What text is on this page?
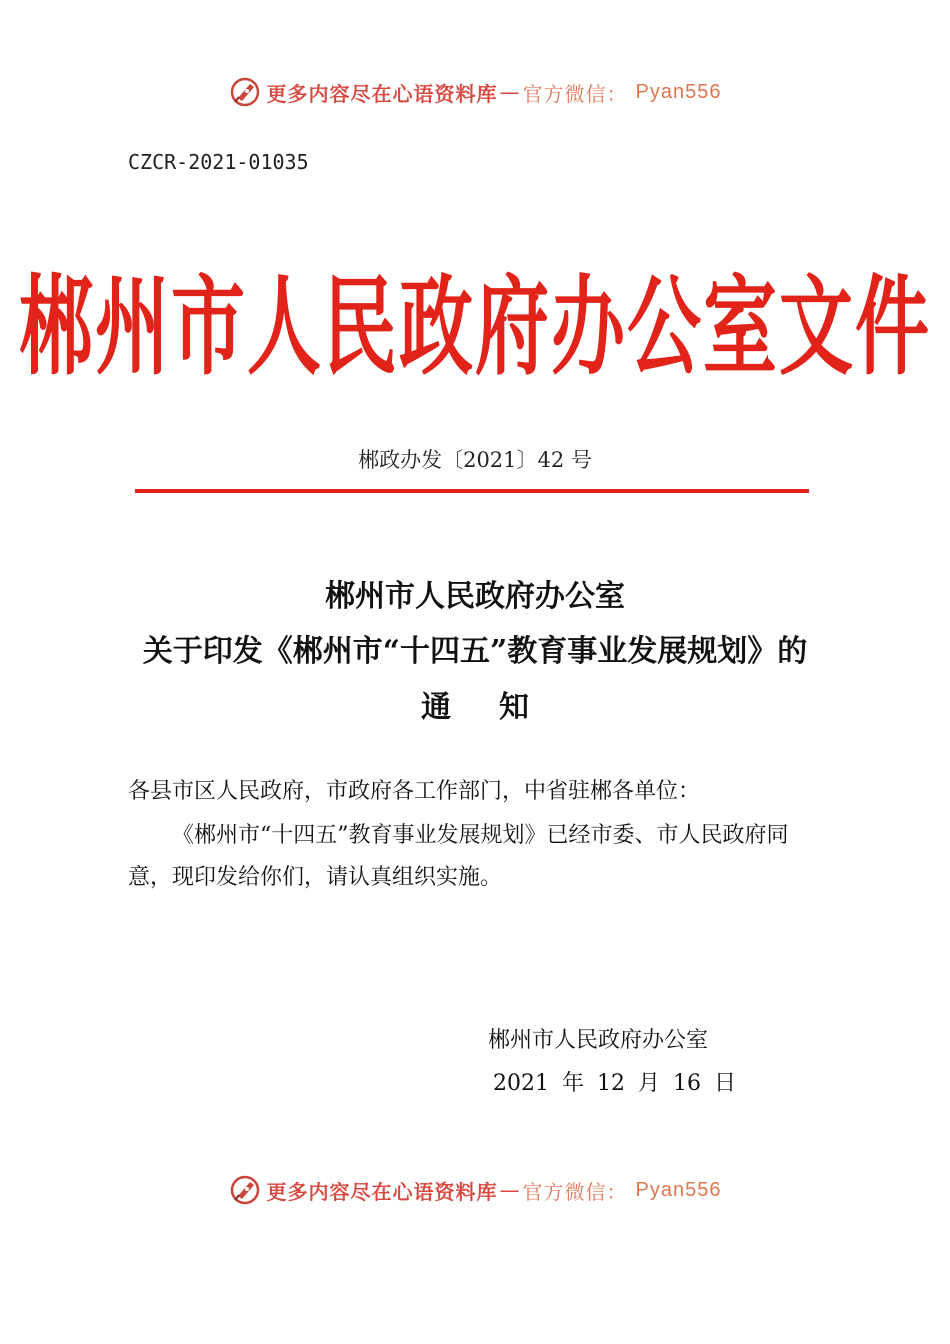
更多内容尽在心语资料库 — 官方微信： Pyan556
CZCR-2021-01035
郴州市人民政府办公室文件
郴政办发〔2021〕42 号
郴州市人民政府办公室
关于印发《郴州市“十四五”教育事业发展规划》的
通知
各县市区人民政府，市政府各工作部门，中省驻郴各单位：
《郴州市“十四五”教育事业发展规划》已经市委、市人民政府同意，现印发给你们，请认真组织实施。
郴州市人民政府办公室
2021 年 12 月 16 日
更多内容尽在心语资料库 — 官方微信： Pyan556
